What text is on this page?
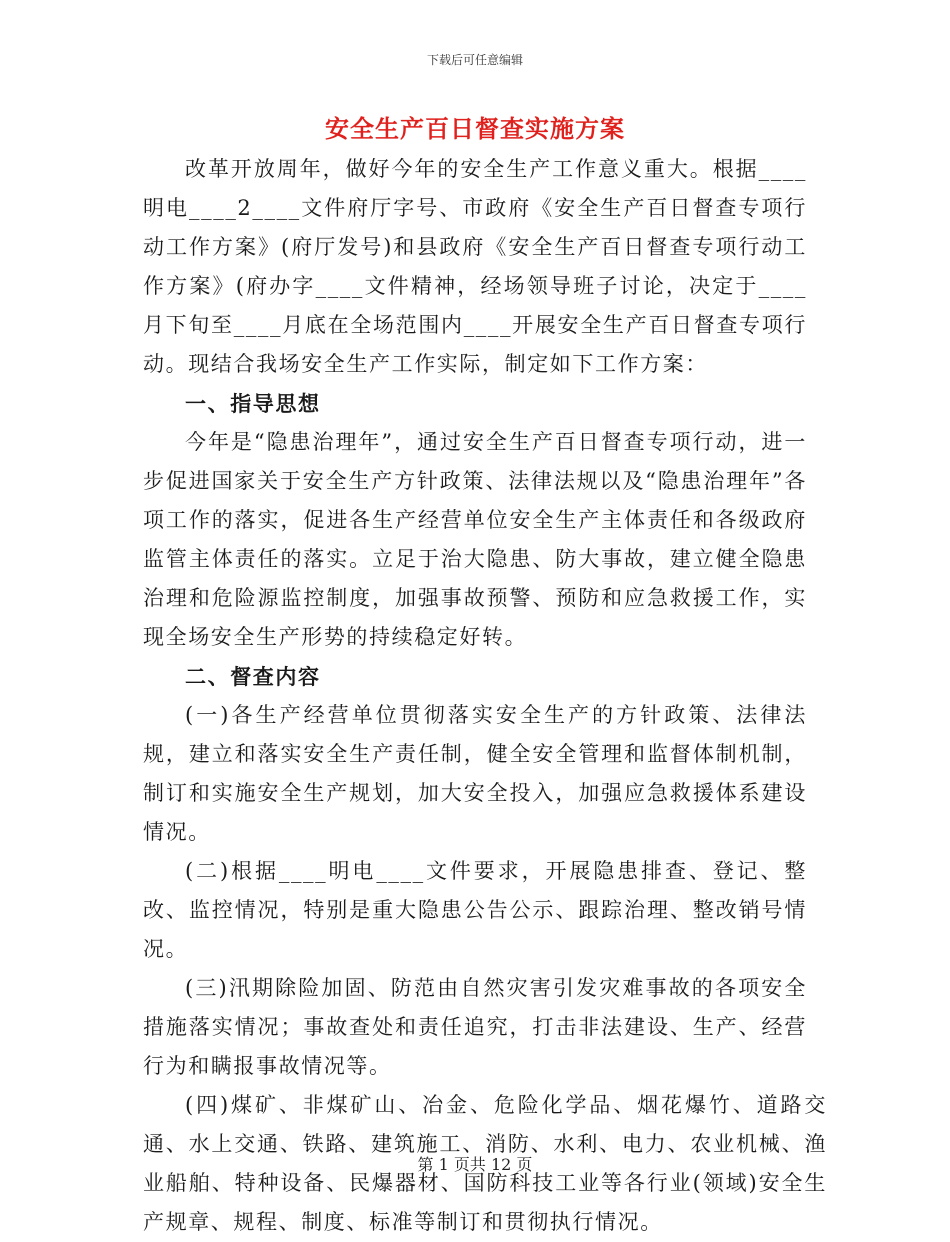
下载后可任意编辑
安全生产百日督查实施方案

改革开放周年，做好今年的安全生产工作意义重大。根据____明电____2____文件府厅字号、市政府《安全生产百日督查专项行动工作方案》(府厅发号)和县政府《安全生产百日督查专项行动工作方案》(府办字____文件精神，经场领导班子讨论，决定于____月下旬至____月底在全场范围内____开展安全生产百日督查专项行动。现结合我场安全生产工作实际，制定如下工作方案：

一、指导思想

今年是“隐患治理年”，通过安全生产百日督查专项行动，进一步促进国家关于安全生产方针政策、法律法规以及“隐患治理年”各项工作的落实，促进各生产经营单位安全生产主体责任和各级政府监管主体责任的落实。立足于治大隐患、防大事故，建立健全隐患治理和危险源监控制度，加强事故预警、预防和应急救援工作，实现全场安全生产形势的持续稳定好转。

二、督查内容

(一)各生产经营单位贯彻落实安全生产的方针政策、法律法规，建立和落实安全生产责任制，健全安全管理和监督体制机制，制订和实施安全生产规划，加大安全投入，加强应急救援体系建设情况。

(二)根据____明电____文件要求，开展隐患排查、登记、整改、监控情况，特别是重大隐患公告公示、跟踪治理、整改销号情况。

(三)汛期除险加固、防范由自然灾害引发灾难事故的各项安全措施落实情况；事故查处和责任追究，打击非法建设、生产、经营行为和瞒报事故情况等。

(四)煤矿、非煤矿山、冶金、危险化学品、烟花爆竹、道路交通、水上交通、铁路、建筑施工、消防、水利、电力、农业机械、渔业船舶、特种设备、民爆器材、国防科技工业等各行业(领域)安全生产规章、规程、制度、标准等制订和贯彻执行情况。

第 1 页共 12 页
